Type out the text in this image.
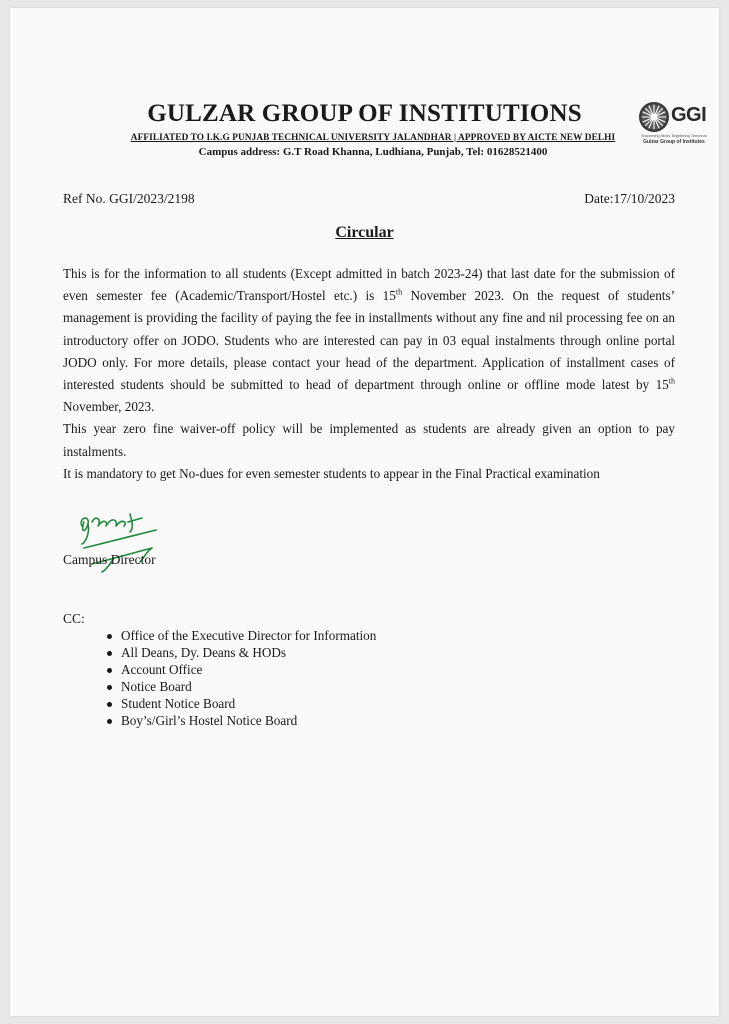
GULZAR GROUP OF INSTITUTIONS
AFFILIATED TO I.K.G PUNJAB TECHNICAL UNIVERSITY JALANDHAR | APPROVED BY AICTE NEW DELHI
Campus address: G.T Road Khanna, Ludhiana, Punjab, Tel: 01628521400
GGI
Sharpening Minds, Brightening Tomorrow
Gulzar Group of Institutes
Ref No. GGI/2023/2198	Date:17/10/2023
Circular

This is for the information to all students (Except admitted in batch 2023-24) that last date for the submission of even semester fee (Academic/Transport/Hostel etc.) is 15th November 2023. On the request of students’ management is providing the facility of paying the fee in installments without any fine and nil processing fee on an introductory offer on JODO. Students who are interested can pay in 03 equal instalments through online portal JODO only. For more details, please contact your head of the department. Application of installment cases of interested students should be submitted to head of department through online or offline mode latest by 15th November, 2023.

This year zero fine waiver-off policy will be implemented as students are already given an option to pay instalments.

It is mandatory to get No-dues for even semester students to appear in the Final Practical examination

Campus Director
CC:
Office of the Executive Director for Information
All Deans, Dy. Deans & HODs
Account Office
Notice Board
Student Notice Board
Boy’s/Girl’s Hostel Notice Board
